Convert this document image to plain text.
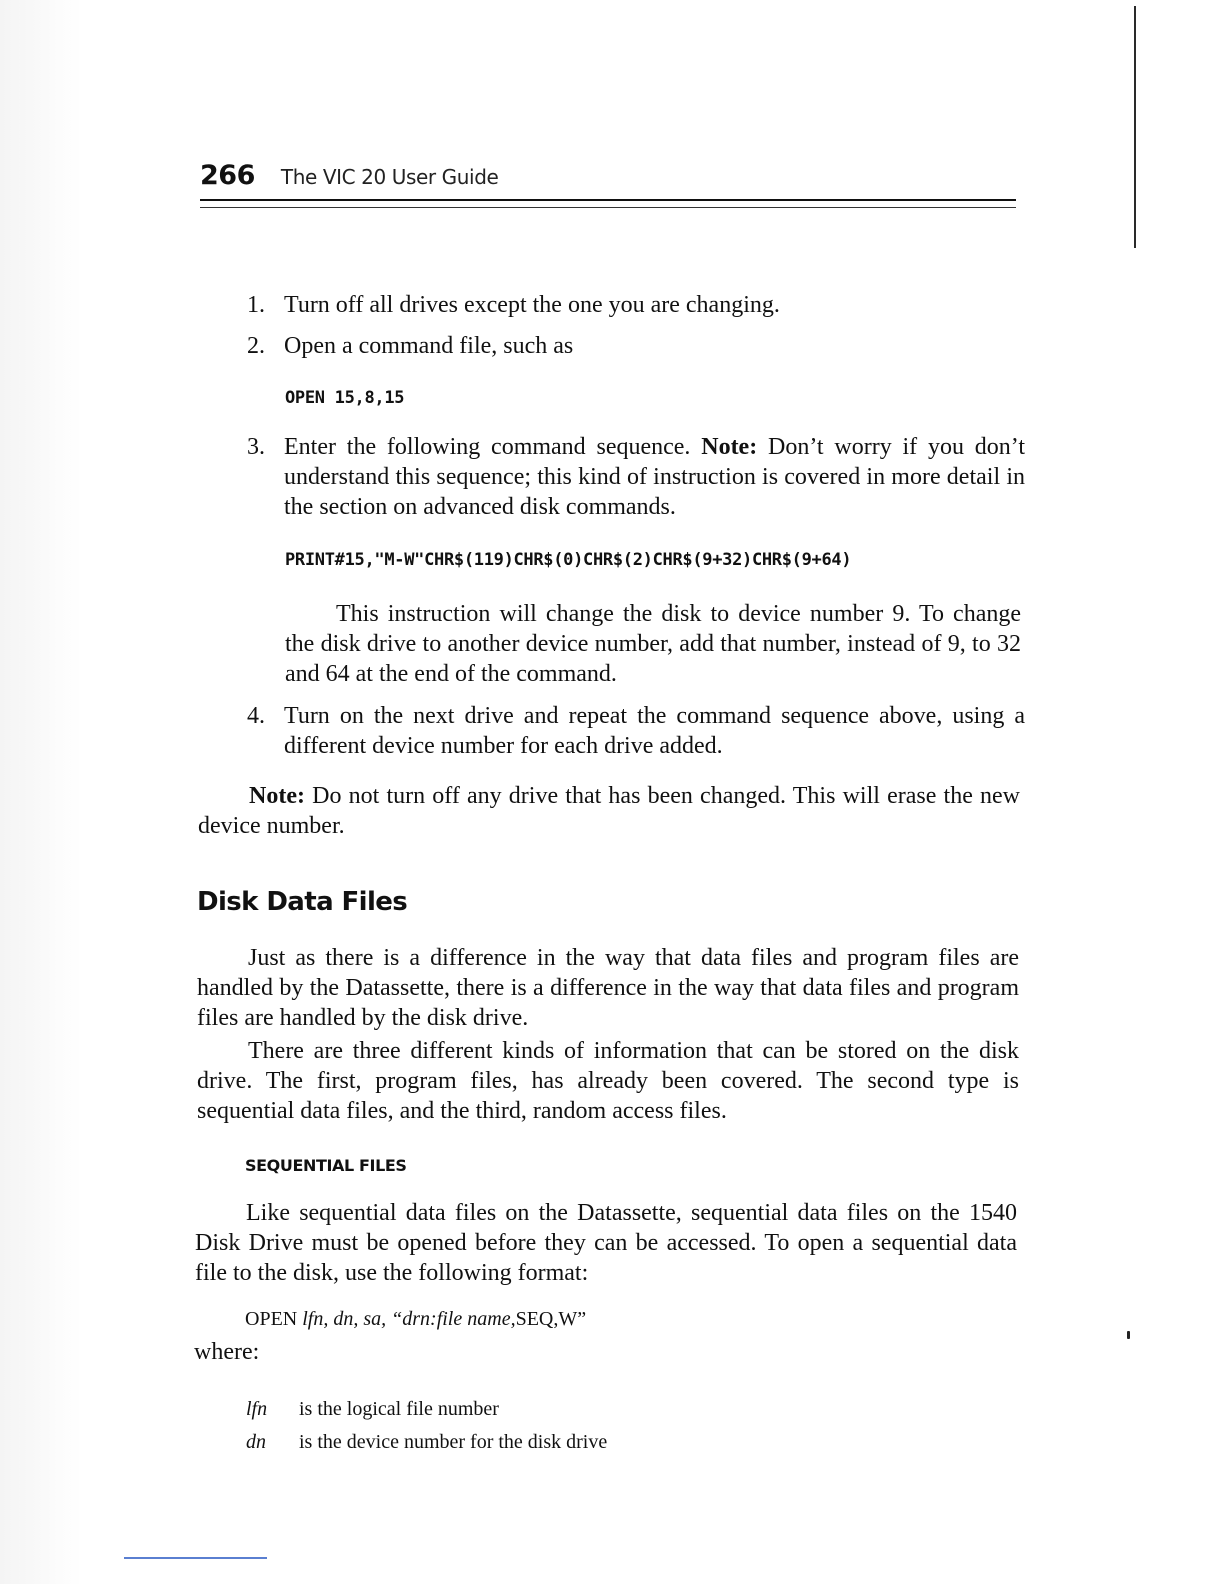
266 The VIC 20 User Guide
1. Turn off all drives except the one you are changing.
2. Open a command file, such as
OPEN 15,8,15
3. Enter the following command sequence. Note: Don’t worry if you don’t understand this sequence; this kind of instruction is covered in more detail in the section on advanced disk commands.
PRINT#15,"M-W"CHR$(119)CHR$(0)CHR$(2)CHR$(9+32)CHR$(9+64)
This instruction will change the disk to device number 9. To change the disk drive to another device number, add that number, instead of 9, to 32 and 64 at the end of the command.
4. Turn on the next drive and repeat the command sequence above, using a different device number for each drive added.
Note: Do not turn off any drive that has been changed. This will erase the new device number.
Disk Data Files
Just as there is a difference in the way that data files and program files are handled by the Datassette, there is a difference in the way that data files and program files are handled by the disk drive.
There are three different kinds of information that can be stored on the disk drive. The first, program files, has already been covered. The second type is sequential data files, and the third, random access files.
SEQUENTIAL FILES
Like sequential data files on the Datassette, sequential data files on the 1540 Disk Drive must be opened before they can be accessed. To open a sequential data file to the disk, use the following format:
OPEN lfn, dn, sa, “drn:file name,SEQ,W”
where:
lfn is the logical file number
dn is the device number for the disk drive
